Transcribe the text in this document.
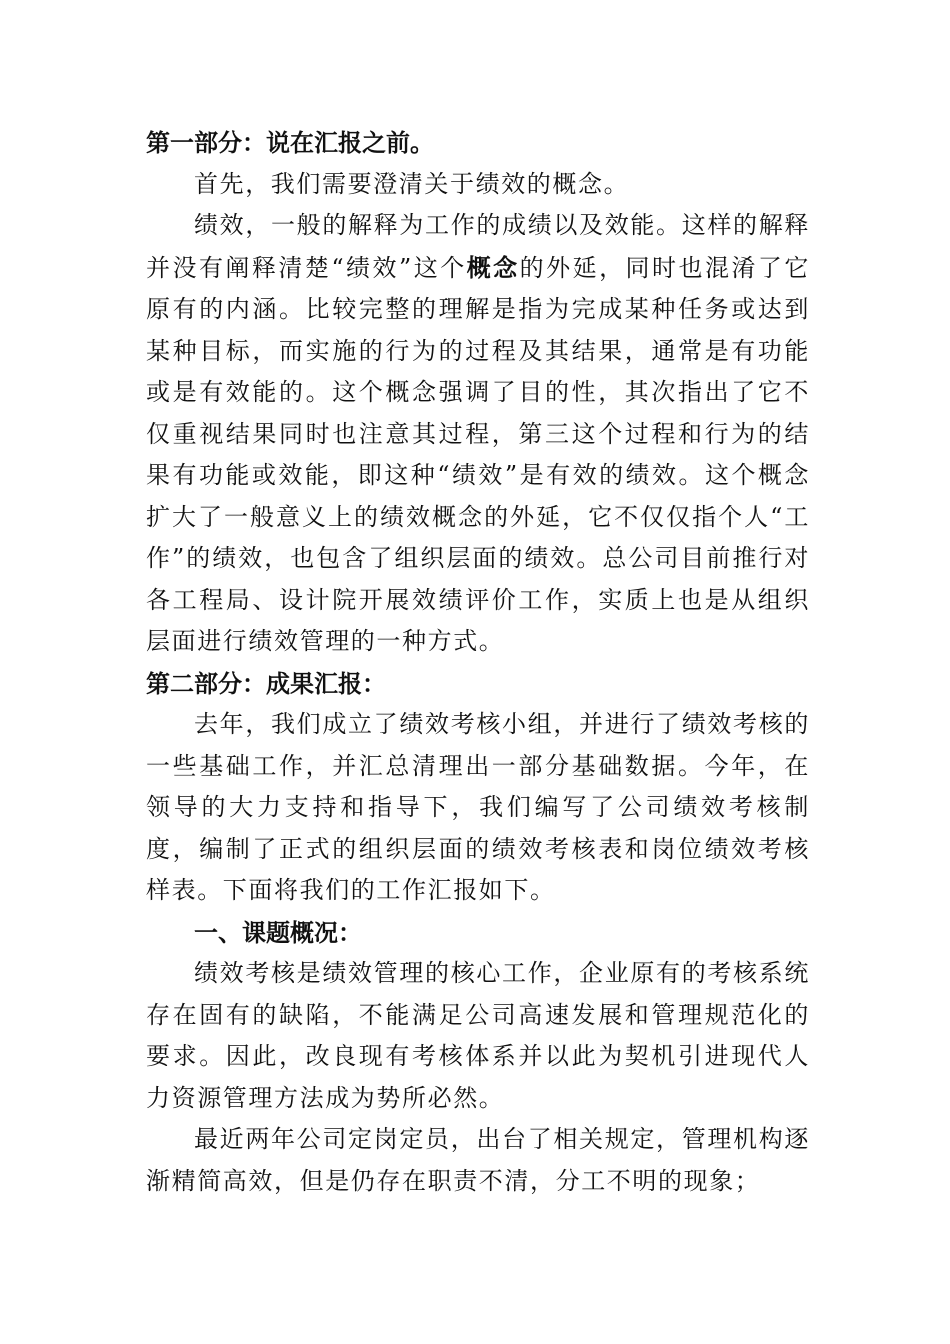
第一部分：说在汇报之前。

首先，我们需要澄清关于绩效的概念。

绩效，一般的解释为工作的成绩以及效能。这样的解释并没有阐释清楚“绩效”这个概念的外延，同时也混淆了它原有的内涵。比较完整的理解是指为完成某种任务或达到某种目标，而实施的行为的过程及其结果，通常是有功能或是有效能的。这个概念强调了目的性，其次指出了它不仅重视结果同时也注意其过程，第三这个过程和行为的结果有功能或效能，即这种“绩效”是有效的绩效。这个概念扩大了一般意义上的绩效概念的外延，它不仅仅指个人“工作”的绩效，也包含了组织层面的绩效。总公司目前推行对各工程局、设计院开展效绩评价工作，实质上也是从组织层面进行绩效管理的一种方式。

第二部分：成果汇报：

去年，我们成立了绩效考核小组，并进行了绩效考核的一些基础工作，并汇总清理出一部分基础数据。今年，在领导的大力支持和指导下，我们编写了公司绩效考核制度，编制了正式的组织层面的绩效考核表和岗位绩效考核样表。下面将我们的工作汇报如下。

一、课题概况：

绩效考核是绩效管理的核心工作，企业原有的考核系统存在固有的缺陷，不能满足公司高速发展和管理规范化的要求。因此，改良现有考核体系并以此为契机引进现代人力资源管理方法成为势所必然。

最近两年公司定岗定员，出台了相关规定，管理机构逐渐精简高效，但是仍存在职责不清，分工不明的现象；
